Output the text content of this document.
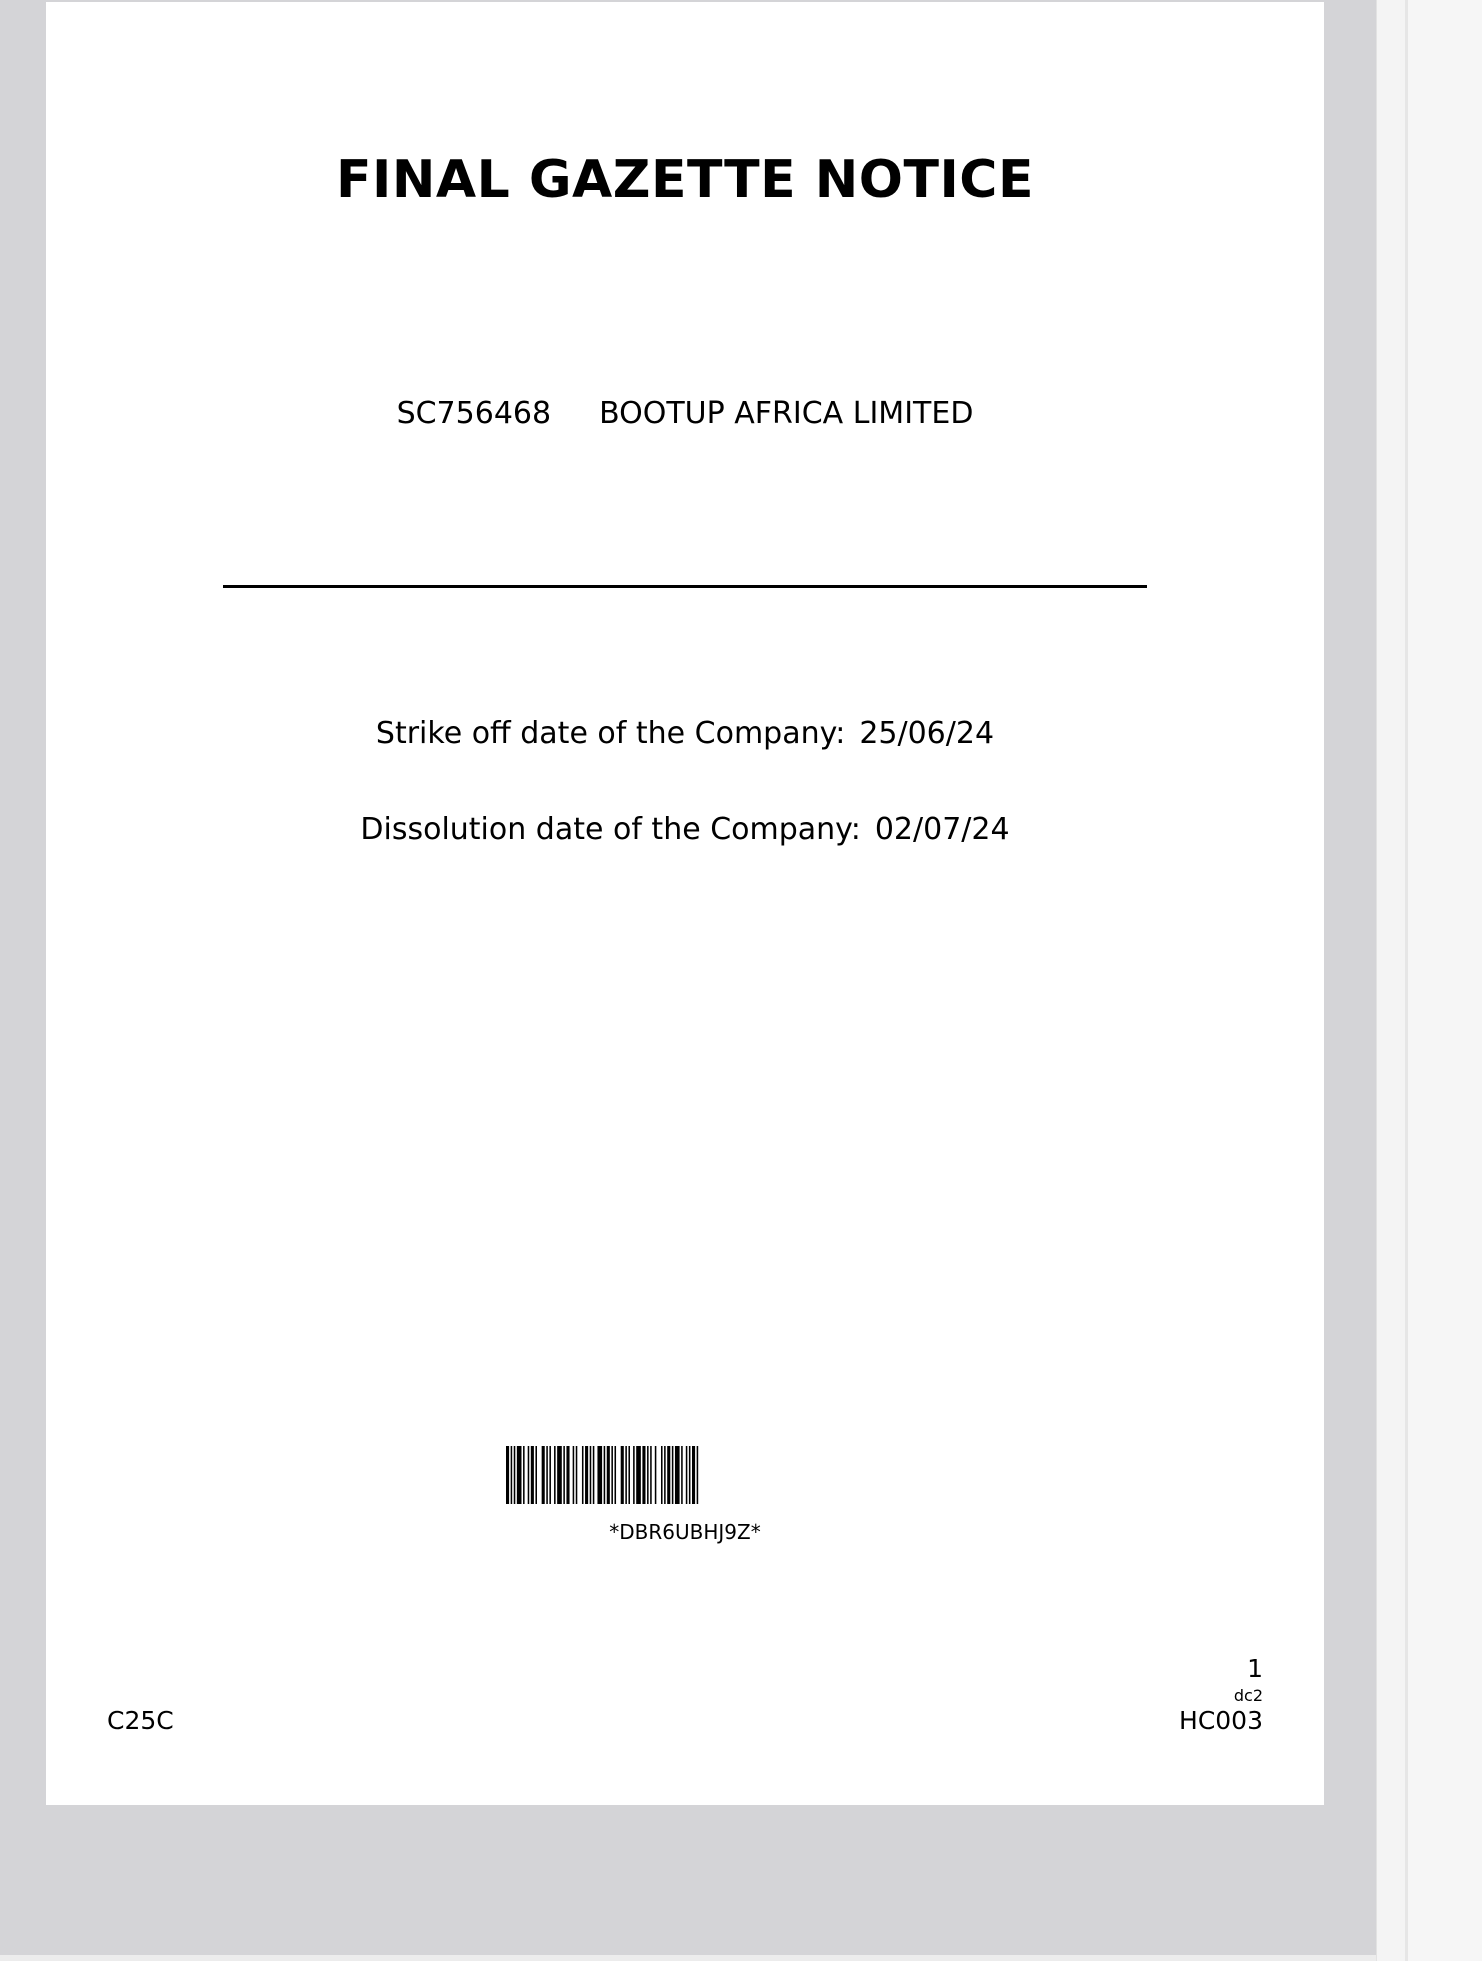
FINAL GAZETTE NOTICE
SC756468 BOOTUP AFRICA LIMITED
Strike off date of the Company: 25/06/24
Dissolution date of the Company: 02/07/24
*DBR6UBHJ9Z*
C25C
1
dc2
HC003
